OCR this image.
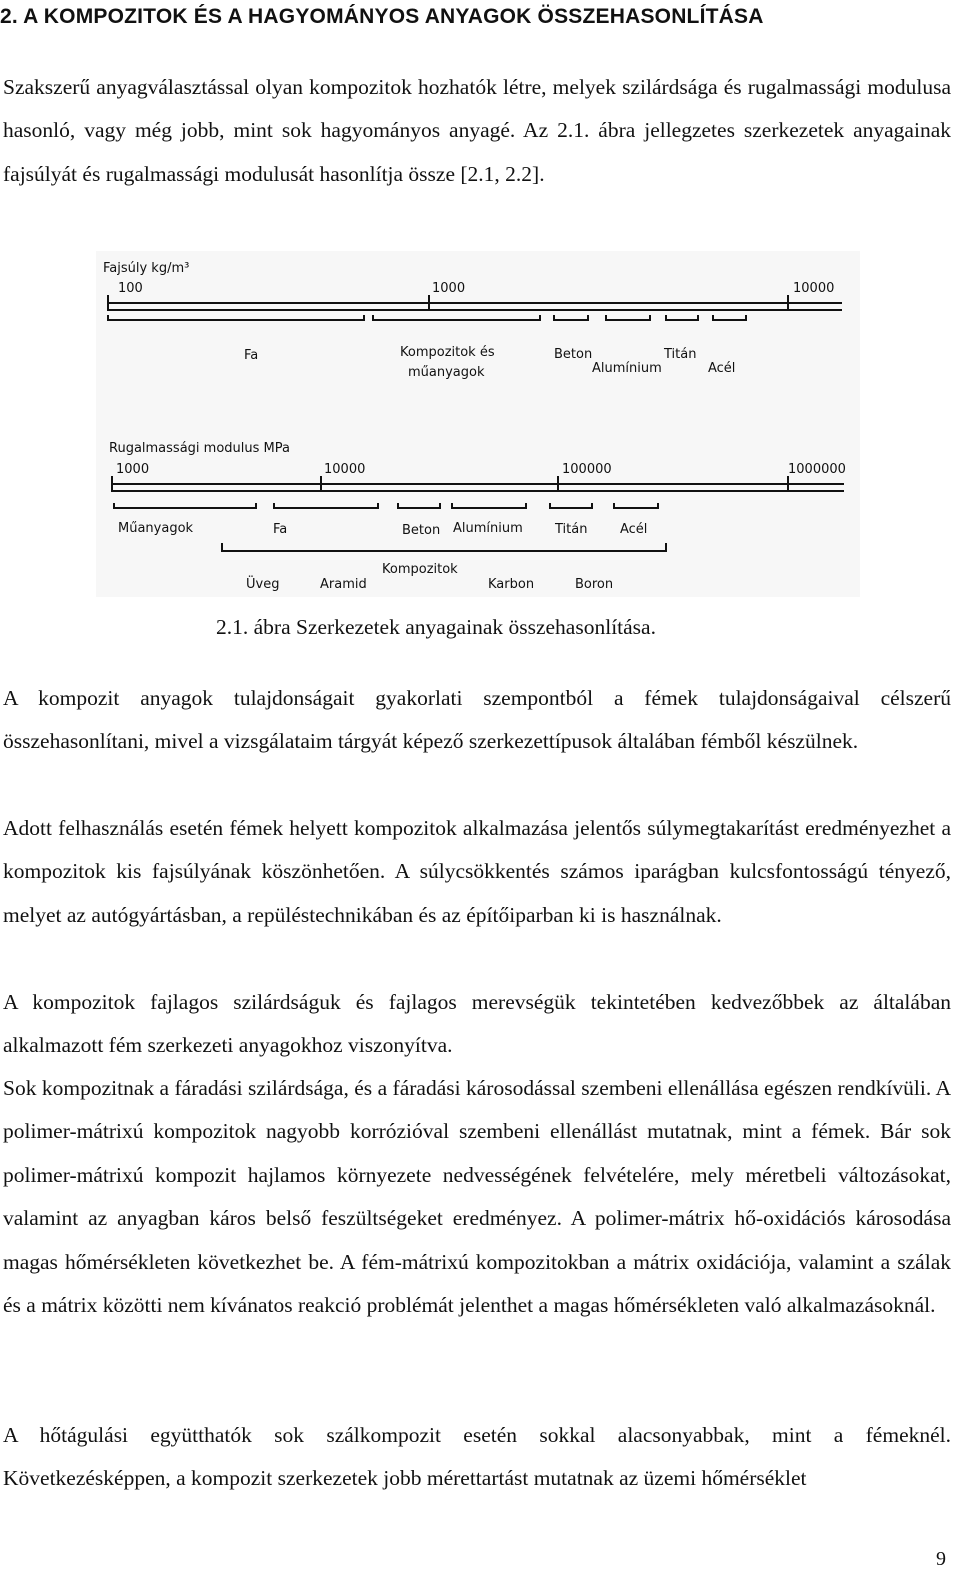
2. A KOMPOZITOK ÉS A HAGYOMÁNYOS ANYAGOK ÖSSZEHASONLÍTÁSA

Szakszerű anyagválasztással olyan kompozitok hozhatók létre, melyek szilárdsága és rugalmassági modulusa hasonló, vagy még jobb, mint sok hagyományos anyagé. Az 2.1. ábra jellegzetes szerkezetek anyagainak fajsúlyát és rugalmassági modulusát hasonlítja össze [2.1, 2.2].

Fajsúly kg/m³
100	1000	10000
Fa	Kompozitok és
műanyagok
Beton
Alumínium
Titán
Acél
Rugalmassági modulus MPa
1000	10000	100000	1000000
Műanyagok	Fa	Beton Alumínium Titán	Acél
Kompozitok
Üveg	Aramid	Karbon	Boron

2.1. ábra Szerkezetek anyagainak összehasonlítása.

A kompozit anyagok tulajdonságait gyakorlati szempontból a fémek tulajdonságaival célszerű összehasonlítani, mivel a vizsgálataim tárgyát képező szerkezettípusok általában fémből készülnek.

Adott felhasználás esetén fémek helyett kompozitok alkalmazása jelentős súlymegtakarítást eredményezhet a kompozitok kis fajsúlyának köszönhetően. A súlycsökkentés számos iparágban kulcsfontosságú tényező, melyet az autógyártásban, a repüléstechnikában és az építőiparban ki is használnak.

A kompozitok fajlagos szilárdságuk és fajlagos merevségük tekintetében kedvezőbbek az általában alkalmazott fém szerkezeti anyagokhoz viszonyítva.

Sok kompozitnak a fáradási szilárdsága, és a fáradási károsodással szembeni ellenállása egészen rendkívüli. A polimer-mátrixú kompozitok nagyobb korrózióval szembeni ellenállást mutatnak, mint a fémek. Bár sok polimer-mátrixú kompozit hajlamos környezete nedvességének felvételére, mely méretbeli változásokat, valamint az anyagban káros belső feszültségeket eredményez. A polimer-mátrix hő-oxidációs károsodása magas hőmérsékleten következhet be. A fém-mátrixú kompozitokban a mátrix oxidációja, valamint a szálak és a mátrix közötti nem kívánatos reakció problémát jelenthet a magas hőmérsékleten való alkalmazásoknál.

A hőtágulási együtthatók sok szálkompozit esetén sokkal alacsonyabbak, mint a fémeknél. Következésképpen, a kompozit szerkezetek jobb mérettartást mutatnak az üzemi hőmérséklet

9
